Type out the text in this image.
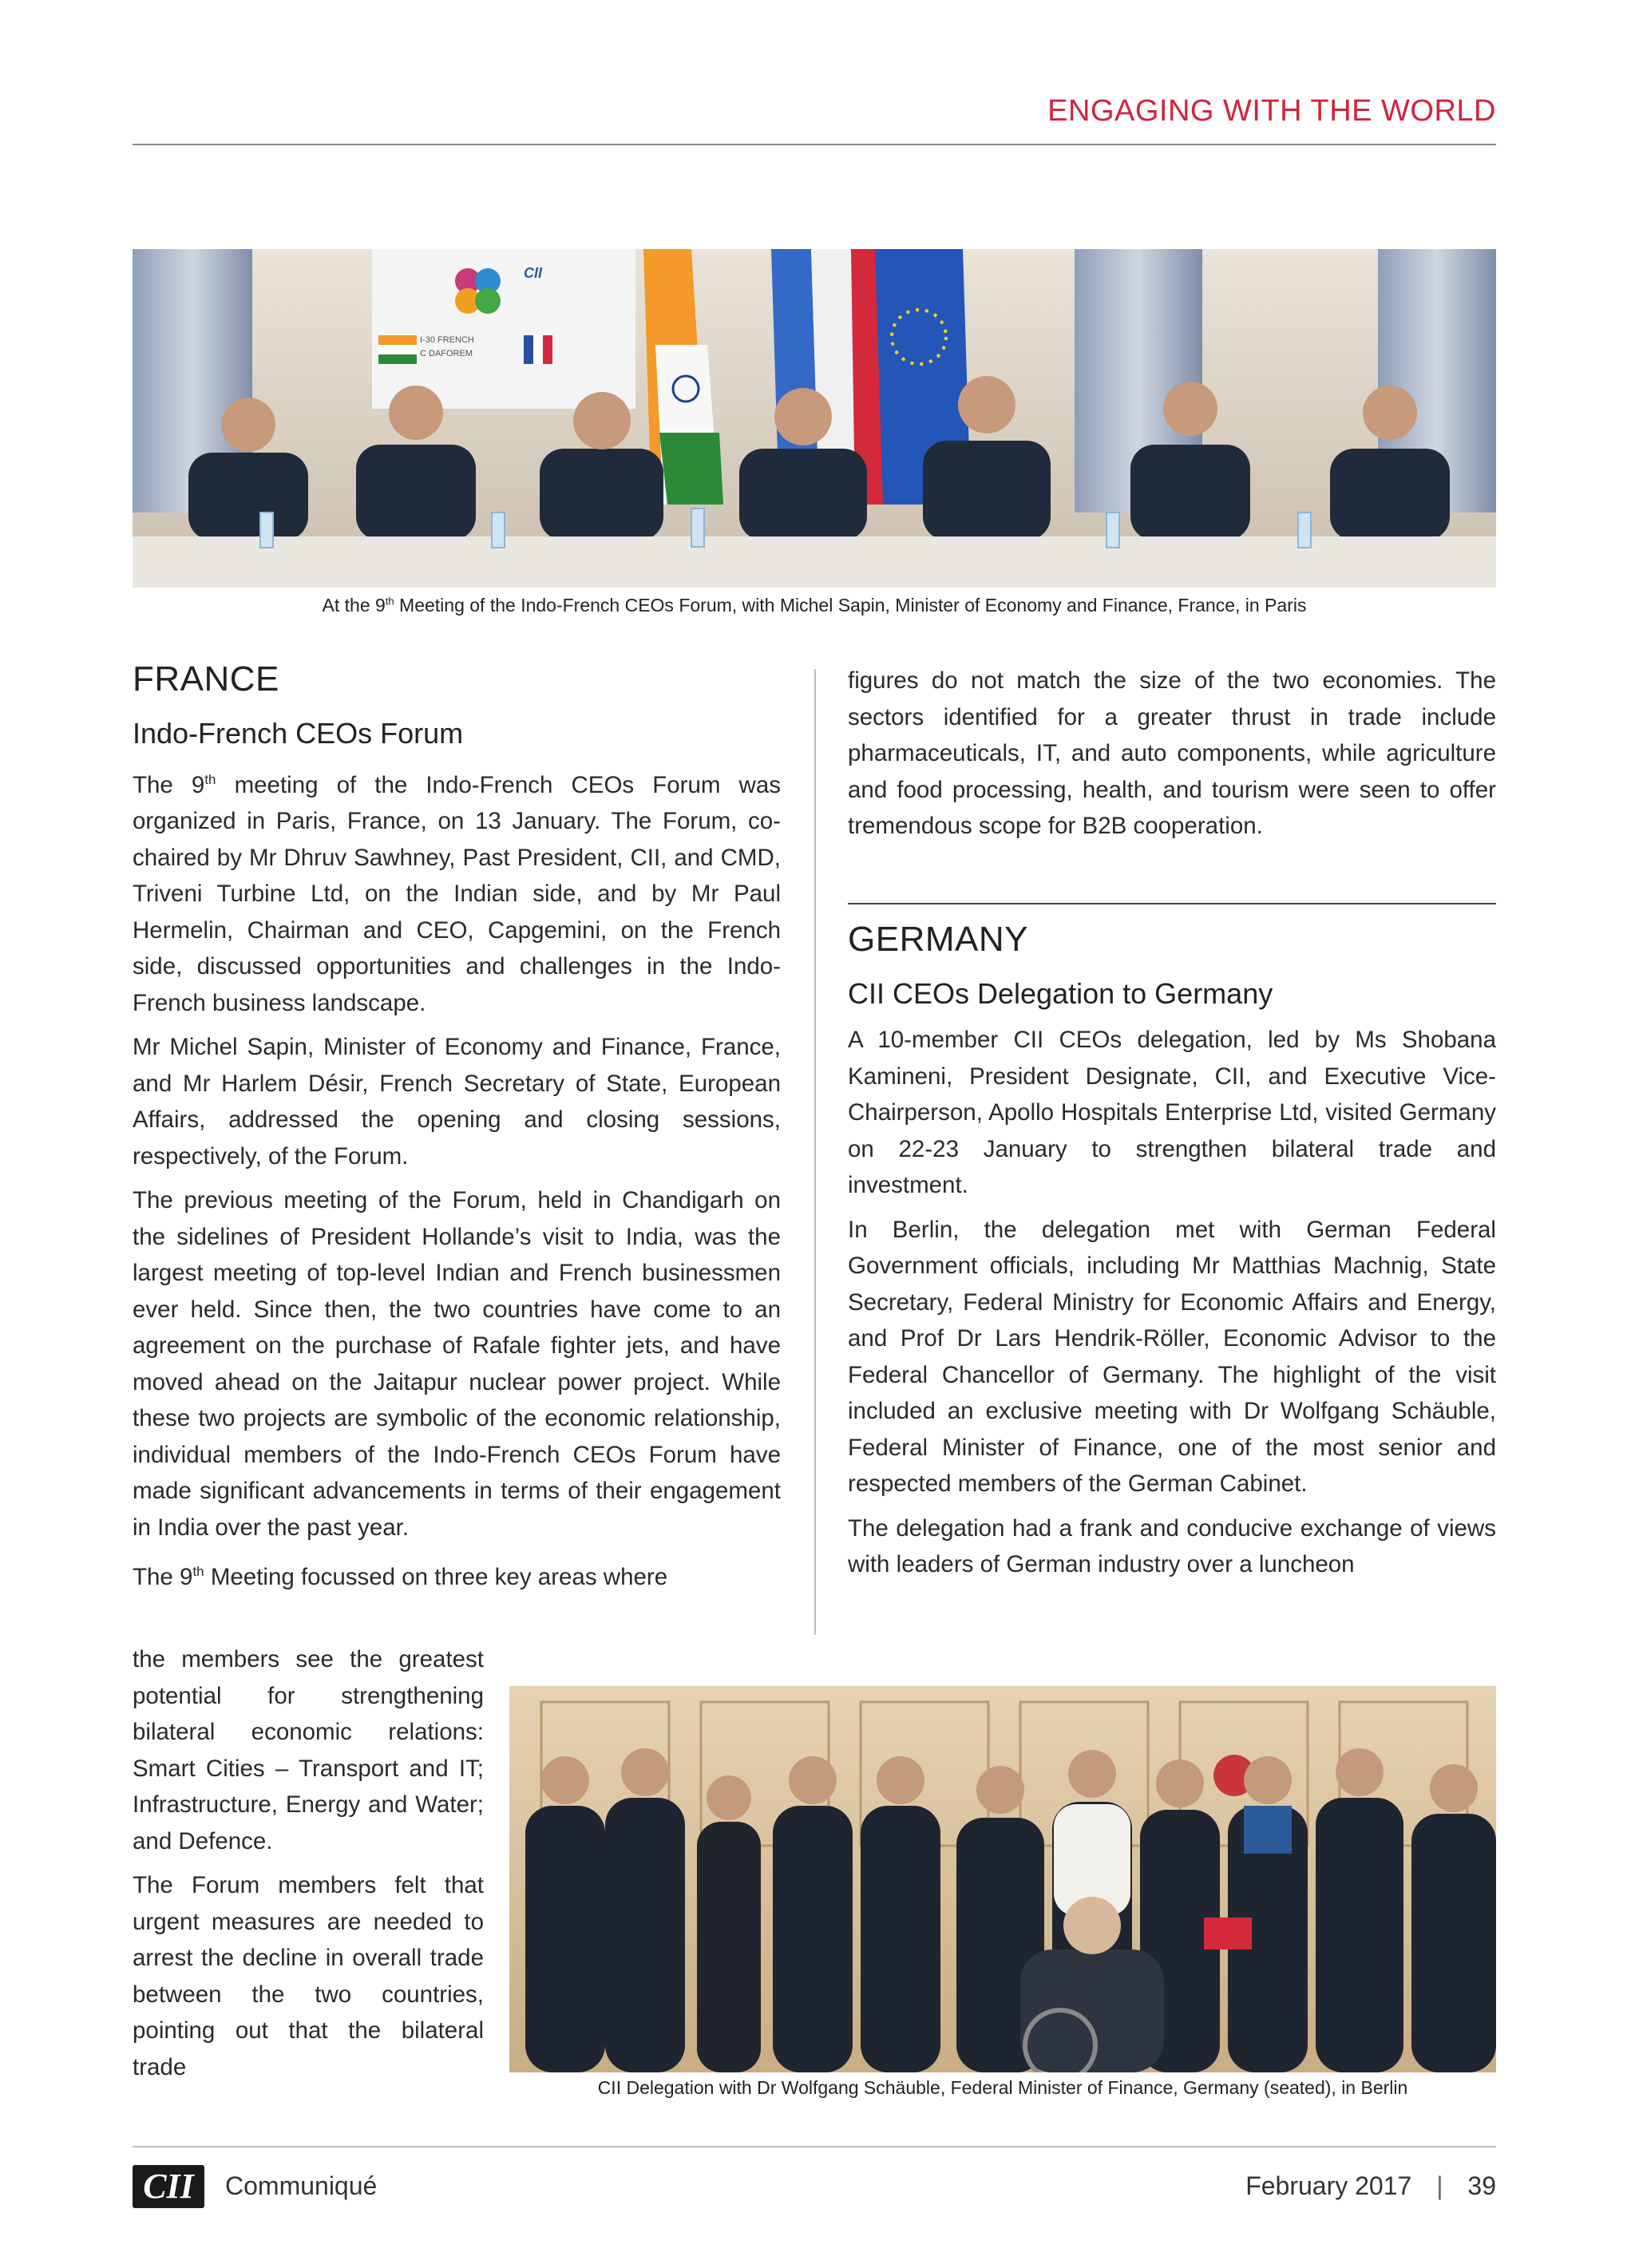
ENGAGING WITH THE WORLD
CII
I-30 FRENCH
C DAFOREM
At the 9th Meeting of the Indo-French CEOs Forum, with Michel Sapin, Minister of Economy and Finance, France, in Paris
FRANCE
Indo-French CEOs Forum

The 9th meeting of the Indo-French CEOs Forum was organized in Paris, France, on 13 January. The Forum, co-chaired by Mr Dhruv Sawhney, Past President, CII, and CMD, Triveni Turbine Ltd, on the Indian side, and by Mr Paul Hermelin, Chairman and CEO, Capgemini, on the French side, discussed opportunities and challenges in the Indo-French business landscape.

Mr Michel Sapin, Minister of Economy and Finance, France, and Mr Harlem Désir, French Secretary of State, European Affairs, addressed the opening and closing sessions, respectively, of the Forum.

The previous meeting of the Forum, held in Chandigarh on the sidelines of President Hollande’s visit to India, was the largest meeting of top-level Indian and French businessmen ever held. Since then, the two countries have come to an agreement on the purchase of Rafale fighter jets, and have moved ahead on the Jaitapur nuclear power project. While these two projects are symbolic of the economic relationship, individual members of the Indo-French CEOs Forum have made significant advancements in terms of their engagement in India over the past year.

The 9th Meeting focussed on three key areas where

the members see the greatest potential for strengthening bilateral economic relations: Smart Cities – Transport and IT; Infrastructure, Energy and Water; and Defence.

The Forum members felt that urgent measures are needed to arrest the decline in overall trade between the two countries, pointing out that the bilateral trade

figures do not match the size of the two economies. The sectors identified for a greater thrust in trade include pharmaceuticals, IT, and auto components, while agriculture and food processing, health, and tourism were seen to offer tremendous scope for B2B cooperation.

GERMANY
CII CEOs Delegation to Germany

A 10-member CII CEOs delegation, led by Ms Shobana Kamineni, President Designate, CII, and Executive Vice-Chairperson, Apollo Hospitals Enterprise Ltd, visited Germany on 22-23 January to strengthen bilateral trade and investment.

In Berlin, the delegation met with German Federal Government officials, including Mr Matthias Machnig, State Secretary, Federal Ministry for Economic Affairs and Energy, and Prof Dr Lars Hendrik-Röller, Economic Advisor to the Federal Chancellor of Germany. The highlight of the visit included an exclusive meeting with Dr Wolfgang Schäuble, Federal Minister of Finance, one of the most senior and respected members of the German Cabinet.

The delegation had a frank and conducive exchange of views with leaders of German industry over a luncheon

CII Delegation with Dr Wolfgang Schäuble, Federal Minister of Finance, Germany (seated), in Berlin
CII	Communiqué	February 2017 | 39
